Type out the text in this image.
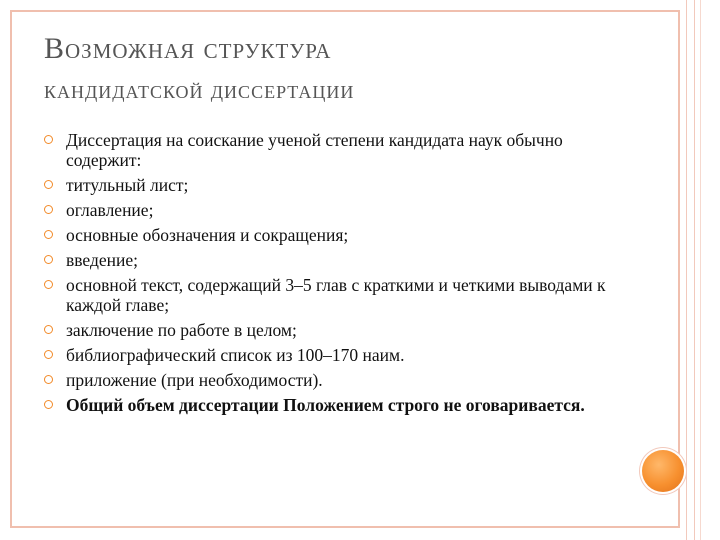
Возможная структура
кандидатской диссертации
Диссертация на соискание ученой степени кандидата наук обычно содержит:
титульный лист;
оглавление;
основные обозначения и сокращения;
введение;
основной текст, содержащий 3–5 глав с краткими и четкими выводами к каждой главе;
заключение по работе в целом;
библиографический список из 100–170 наим.
приложение (при необходимости).
Общий объем диссертации Положением строго не оговаривается.
